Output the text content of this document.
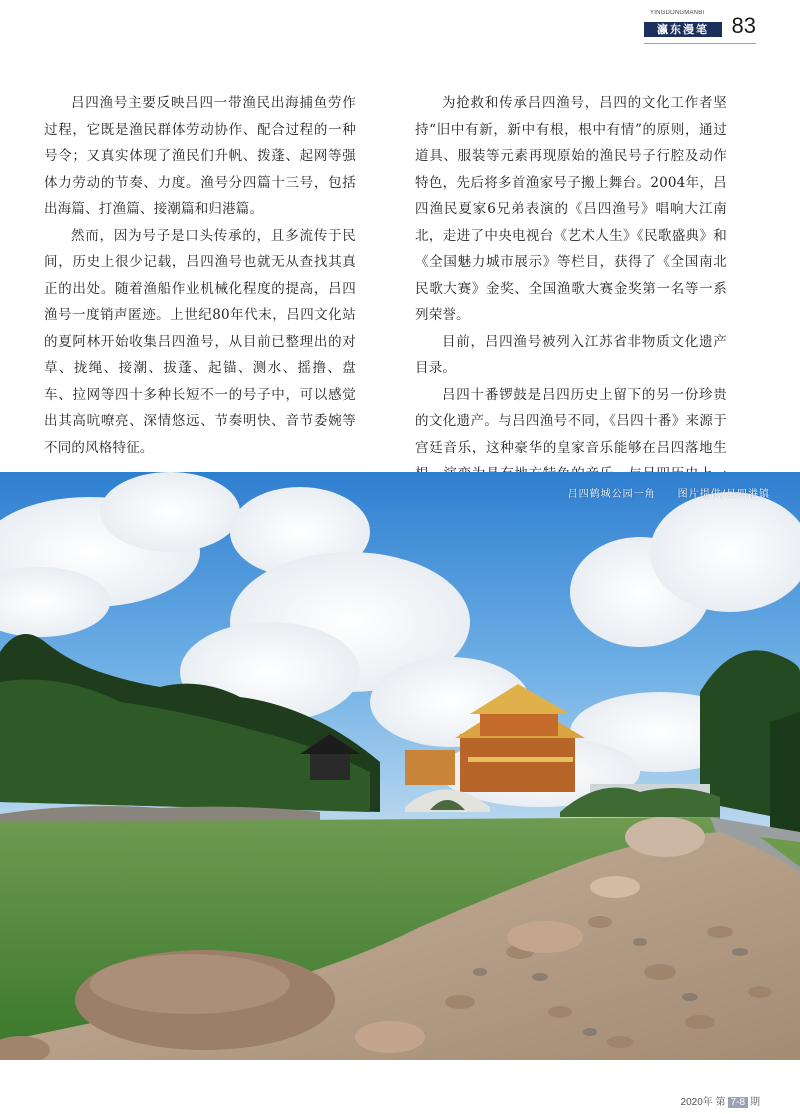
YINGDONGMANBI
瀛东漫笔	83

吕四渔号主要反映吕四一带渔民出海捕鱼劳作过程，它既是渔民群体劳动协作、配合过程的一种号令；又真实体现了渔民们升帆、拨蓬、起网等强体力劳动的节奏、力度。渔号分四篇十三号，包括出海篇、打渔篇、接潮篇和归港篇。

然而，因为号子是口头传承的，且多流传于民间，历史上很少记载，吕四渔号也就无从查找其真正的出处。随着渔船作业机械化程度的提高，吕四渔号一度销声匿迹。上世纪80年代末，吕四文化站的夏阿林开始收集吕四渔号，从目前已整理出的对草、拢绳、接潮、拔蓬、起锚、测水、摇撸、盘车、拉网等四十多种长短不一的号子中，可以感觉出其高吭嘹亮、深情悠远、节奏明快、音节委婉等不同的风格特征。

为抢救和传承吕四渔号，吕四的文化工作者坚持“旧中有新，新中有根，根中有情”的原则，通过道具、服装等元素再现原始的渔民号子行腔及动作特色，先后将多首渔家号子搬上舞台。2004年，吕四渔民夏家6兄弟表演的《吕四渔号》唱响大江南北，走进了中央电视台《艺术人生》《民歌盛典》和《全国魅力城市展示》等栏目，获得了《全国南北民歌大赛》金奖、全国渔歌大赛金奖第一名等一系列荣誉。

目前，吕四渔号被列入江苏省非物质文化遗产目录。

吕四十番锣鼓是吕四历史上留下的另一份珍贵的文化遗产。与吕四渔号不同，《吕四十番》来源于宫廷音乐，这种豪华的皇家音乐能够在吕四落地生

吕四鹤城公园一角 图片提供/吕四港镇
2020年 第 7-8 期
